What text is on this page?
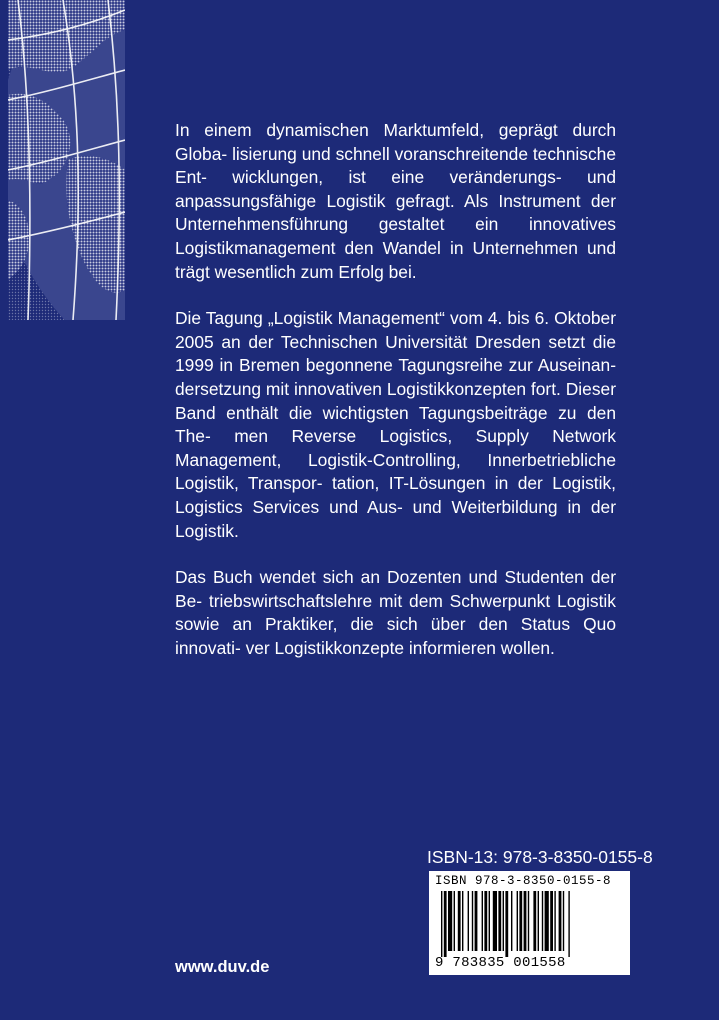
In einem dynamischen Marktumfeld, geprägt durch Globa- lisierung und schnell voranschreitende technische Ent- wicklungen, ist eine veränderungs- und anpassungsfähige Logistik gefragt. Als Instrument der Unternehmensführung gestaltet ein innovatives Logistikmanagement den Wandel in Unternehmen und trägt wesentlich zum Erfolg bei.

Die Tagung „Logistik Management“ vom 4. bis 6. Oktober 2005 an der Technischen Universität Dresden setzt die 1999 in Bremen begonnene Tagungsreihe zur Auseinan- dersetzung mit innovativen Logistikkonzepten fort. Dieser Band enthält die wichtigsten Tagungsbeiträge zu den The- men Reverse Logistics, Supply Network Management, Logistik-Controlling, Innerbetriebliche Logistik, Transpor- tation, IT-Lösungen in der Logistik, Logistics Services und Aus- und Weiterbildung in der Logistik.

Das Buch wendet sich an Dozenten und Studenten der Be- triebswirtschaftslehre mit dem Schwerpunkt Logistik sowie an Praktiker, die sich über den Status Quo innovati- ver Logistikkonzepte informieren wollen.

ISBN-13: 978-3-8350-0155-8
ISBN 978-3-8350-0155-8
9 783835 001558
www.duv.de
